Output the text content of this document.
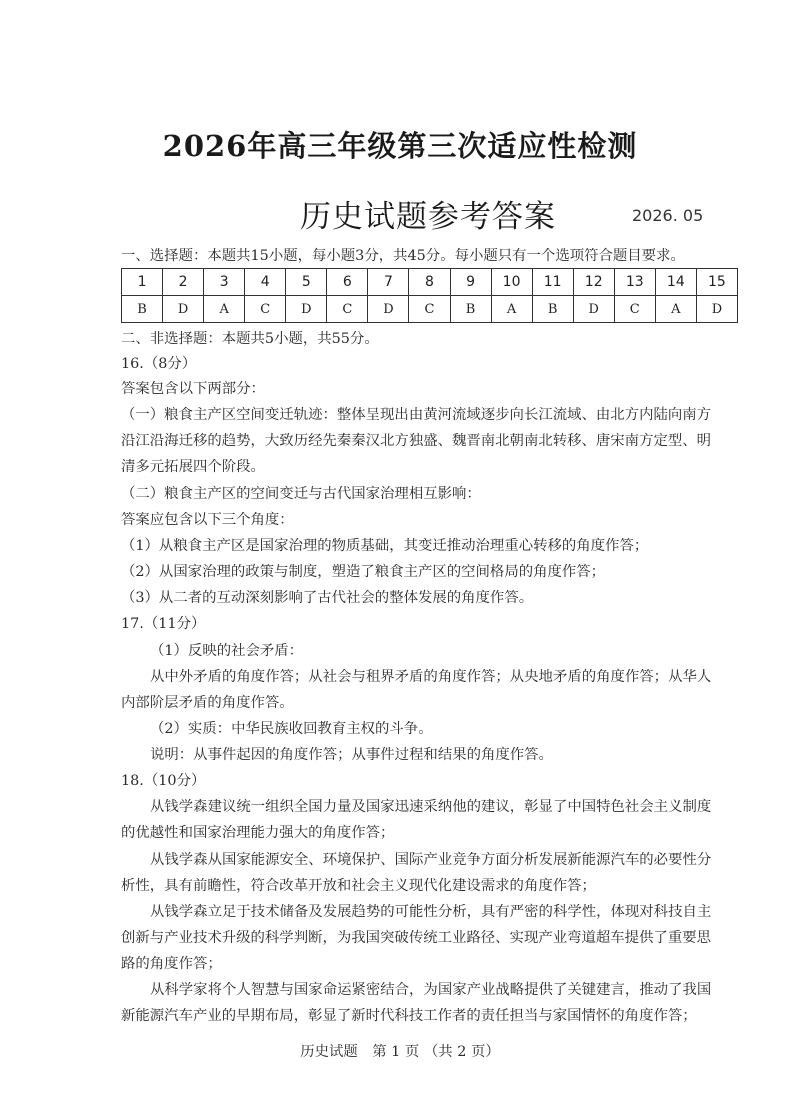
2026年高三年级第三次适应性检测
历史试题参考答案	2026. 05
一、选择题：本题共15小题，每小题3分，共45分。每小题只有一个选项符合题目要求。
1	2	3	4	5	6	7	8	9	10	11	12	13	14	15
B	D	A	C	D	C	D	C	B	A	B	D	C	A	D
二、非选择题：本题共5小题，共55分。
16.（8分）
答案包含以下两部分：
（一）粮食主产区空间变迁轨迹：整体呈现出由黄河流域逐步向长江流域、由北方内陆向南方
沿江沿海迁移的趋势，大致历经先秦秦汉北方独盛、魏晋南北朝南北转移、唐宋南方定型、明
清多元拓展四个阶段。
（二）粮食主产区的空间变迁与古代国家治理相互影响：
答案应包含以下三个角度：
（1）从粮食主产区是国家治理的物质基础，其变迁推动治理重心转移的角度作答；
（2）从国家治理的政策与制度，塑造了粮食主产区的空间格局的角度作答；
（3）从二者的互动深刻影响了古代社会的整体发展的角度作答。
17.（11分）
（1）反映的社会矛盾：
从中外矛盾的角度作答；从社会与租界矛盾的角度作答；从央地矛盾的角度作答；从华人
内部阶层矛盾的角度作答。
（2）实质：中华民族收回教育主权的斗争。
说明：从事件起因的角度作答；从事件过程和结果的角度作答。
18.（10分）
从钱学森建议统一组织全国力量及国家迅速采纳他的建议，彰显了中国特色社会主义制度
的优越性和国家治理能力强大的角度作答；
从钱学森从国家能源安全、环境保护、国际产业竞争方面分析发展新能源汽车的必要性分
析性，具有前瞻性，符合改革开放和社会主义现代化建设需求的角度作答；
从钱学森立足于技术储备及发展趋势的可能性分析，具有严密的科学性，体现对科技自主
创新与产业技术升级的科学判断，为我国突破传统工业路径、实现产业弯道超车提供了重要思
路的角度作答；
从科学家将个人智慧与国家命运紧密结合，为国家产业战略提供了关键建言，推动了我国
新能源汽车产业的早期布局，彰显了新时代科技工作者的责任担当与家国情怀的角度作答；
历史试题　第 1 页 （共 2 页）
